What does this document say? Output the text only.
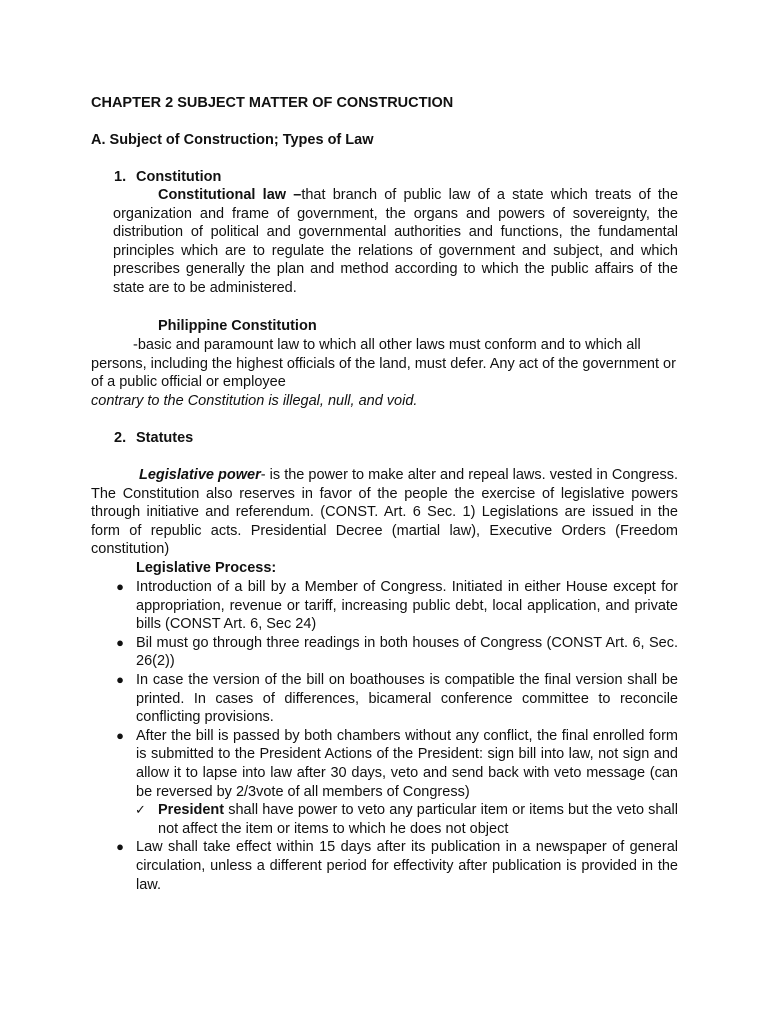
CHAPTER 2 SUBJECT MATTER OF CONSTRUCTION
A. Subject of Construction; Types of Law
1. Constitution
Constitutional law –that branch of public law of a state which treats of the organization and frame of government, the organs and powers of sovereignty, the distribution of political and governmental authorities and functions, the fundamental principles which are to regulate the relations of government and subject, and which prescribes generally the plan and method according to which the public affairs of the state are to be administered.
Philippine Constitution
-basic and paramount law to which all other laws must conform and to which all persons, including the highest officials of the land, must defer. Any act of the government or of a public official or employee
contrary to the Constitution is illegal, null, and void.
2. Statutes
Legislative power- is the power to make alter and repeal laws. vested in Congress. The Constitution also reserves in favor of the people the exercise of legislative powers through initiative and referendum. (CONST. Art. 6 Sec. 1) Legislations are issued in the form of republic acts. Presidential Decree (martial law), Executive Orders (Freedom constitution)
Legislative Process:
● Introduction of a bill by a Member of Congress. Initiated in either House except for appropriation, revenue or tariff, increasing public debt, local application, and private bills (CONST Art. 6, Sec 24)
● Bil must go through three readings in both houses of Congress (CONST Art. 6, Sec. 26(2))
● In case the version of the bill on boathouses is compatible the final version shall be printed. In cases of differences, bicameral conference committee to reconcile conflicting provisions.
● After the bill is passed by both chambers without any conflict, the final enrolled form is submitted to the President Actions of the President: sign bill into law, not sign and allow it to lapse into law after 30 days, veto and send back with veto message (can be reversed by 2/3vote of all members of Congress)
✓ President shall have power to veto any particular item or items but the veto shall not affect the item or items to which he does not object
● Law shall take effect within 15 days after its publication in a newspaper of general circulation, unless a different period for effectivity after publication is provided in the law.
